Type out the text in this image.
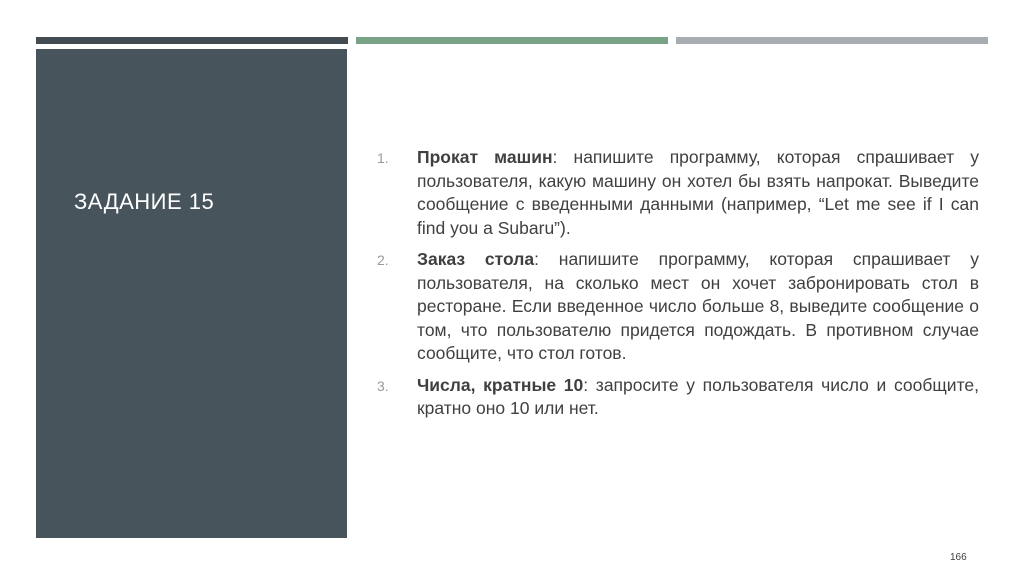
ЗАДАНИЕ 15
1.	Прокат машин: напишите программу, которая спрашивает у пользователя, какую машину он хотел бы взять напрокат. Выведите сообщение с введенными данными (например, “Let me see if I can find you a Subaru”).
2.	Заказ стола: напишите программу, которая спрашивает у пользователя, на сколько мест он хочет забронировать стол в ресторане. Если введенное число больше 8, выведите сообщение о том, что пользователю придется подождать. В противном случае сообщите, что стол готов.
3.	Числа, кратные 10: запросите у пользователя число и сообщите, кратно оно 10 или нет.
166
